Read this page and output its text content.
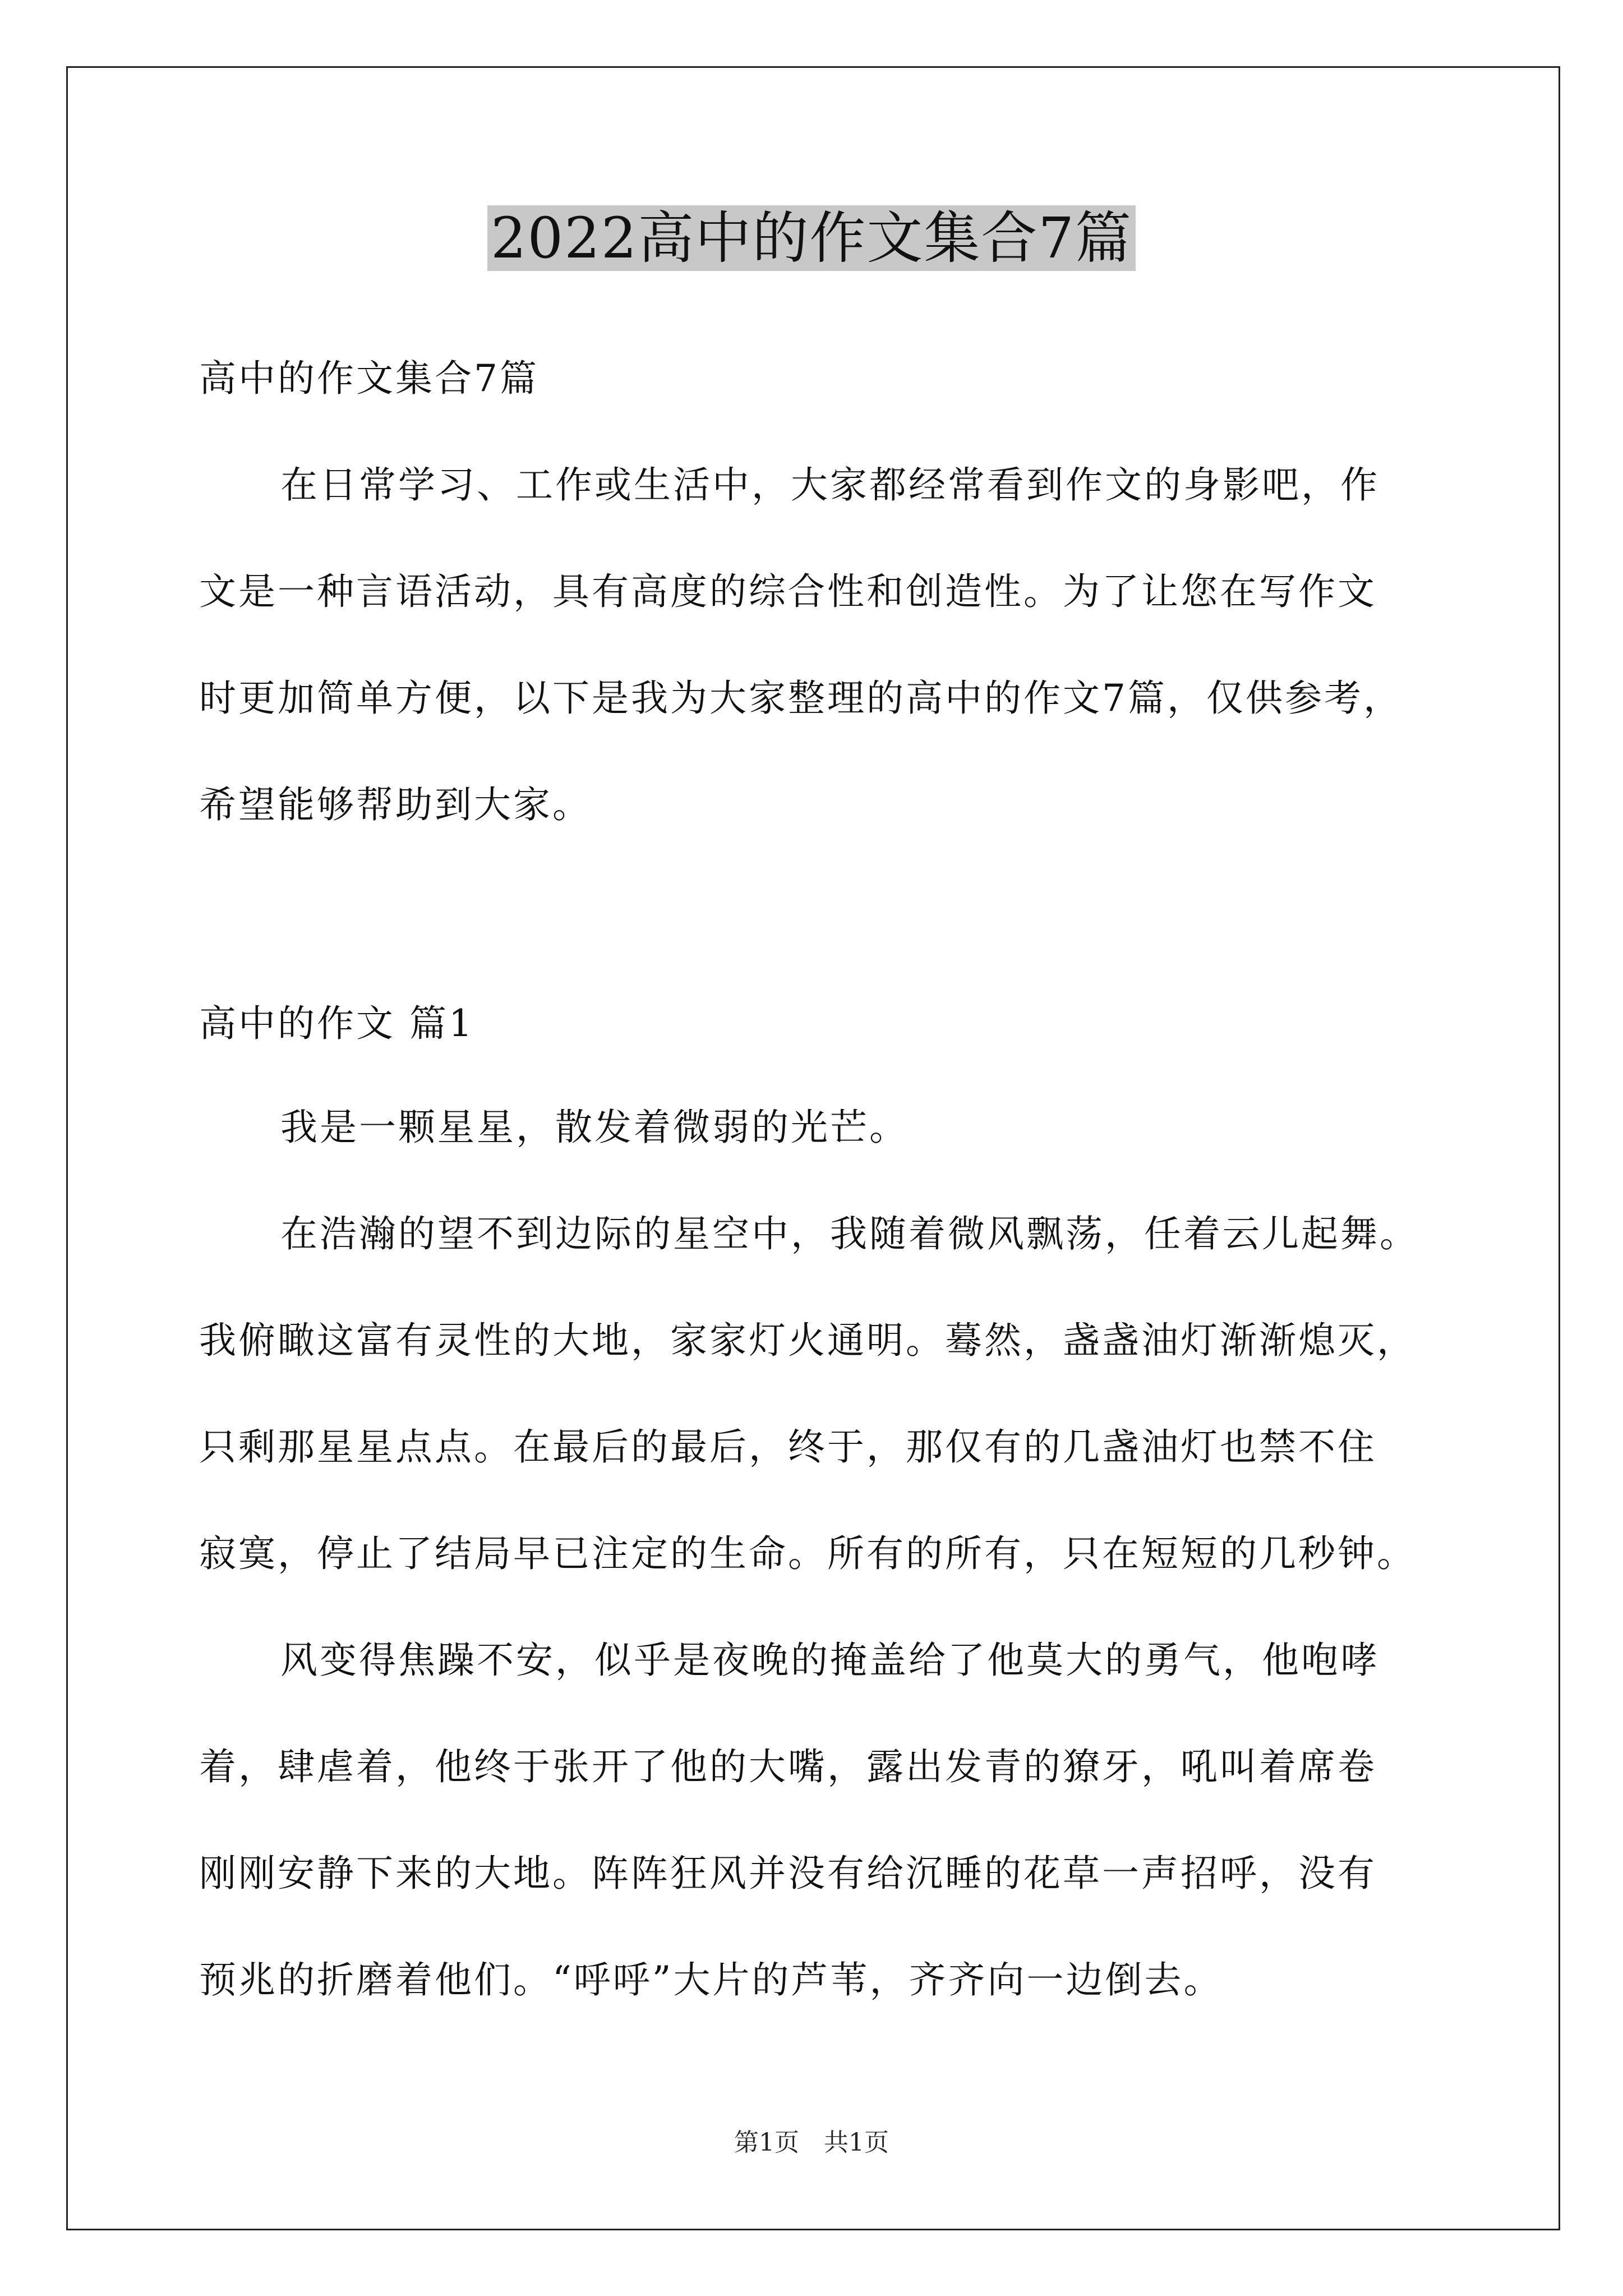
2022高中的作文集合7篇
高中的作文集合7篇
在日常学习、工作或生活中，大家都经常看到作文的身影吧，作
文是一种言语活动，具有高度的综合性和创造性。为了让您在写作文
时更加简单方便，以下是我为大家整理的高中的作文7篇，仅供参考，
希望能够帮助到大家。
高中的作文 篇1
我是一颗星星，散发着微弱的光芒。
在浩瀚的望不到边际的星空中，我随着微风飘荡，任着云儿起舞。
我俯瞰这富有灵性的大地，家家灯火通明。蓦然，盏盏油灯渐渐熄灭，
只剩那星星点点。在最后的最后，终于，那仅有的几盏油灯也禁不住
寂寞，停止了结局早已注定的生命。所有的所有，只在短短的几秒钟。
风变得焦躁不安，似乎是夜晚的掩盖给了他莫大的勇气，他咆哮
着，肆虐着，他终于张开了他的大嘴，露出发青的獠牙，吼叫着席卷
刚刚安静下来的大地。阵阵狂风并没有给沉睡的花草一声招呼，没有
预兆的折磨着他们。“呼呼”大片的芦苇，齐齐向一边倒去。
第1页　共1页
